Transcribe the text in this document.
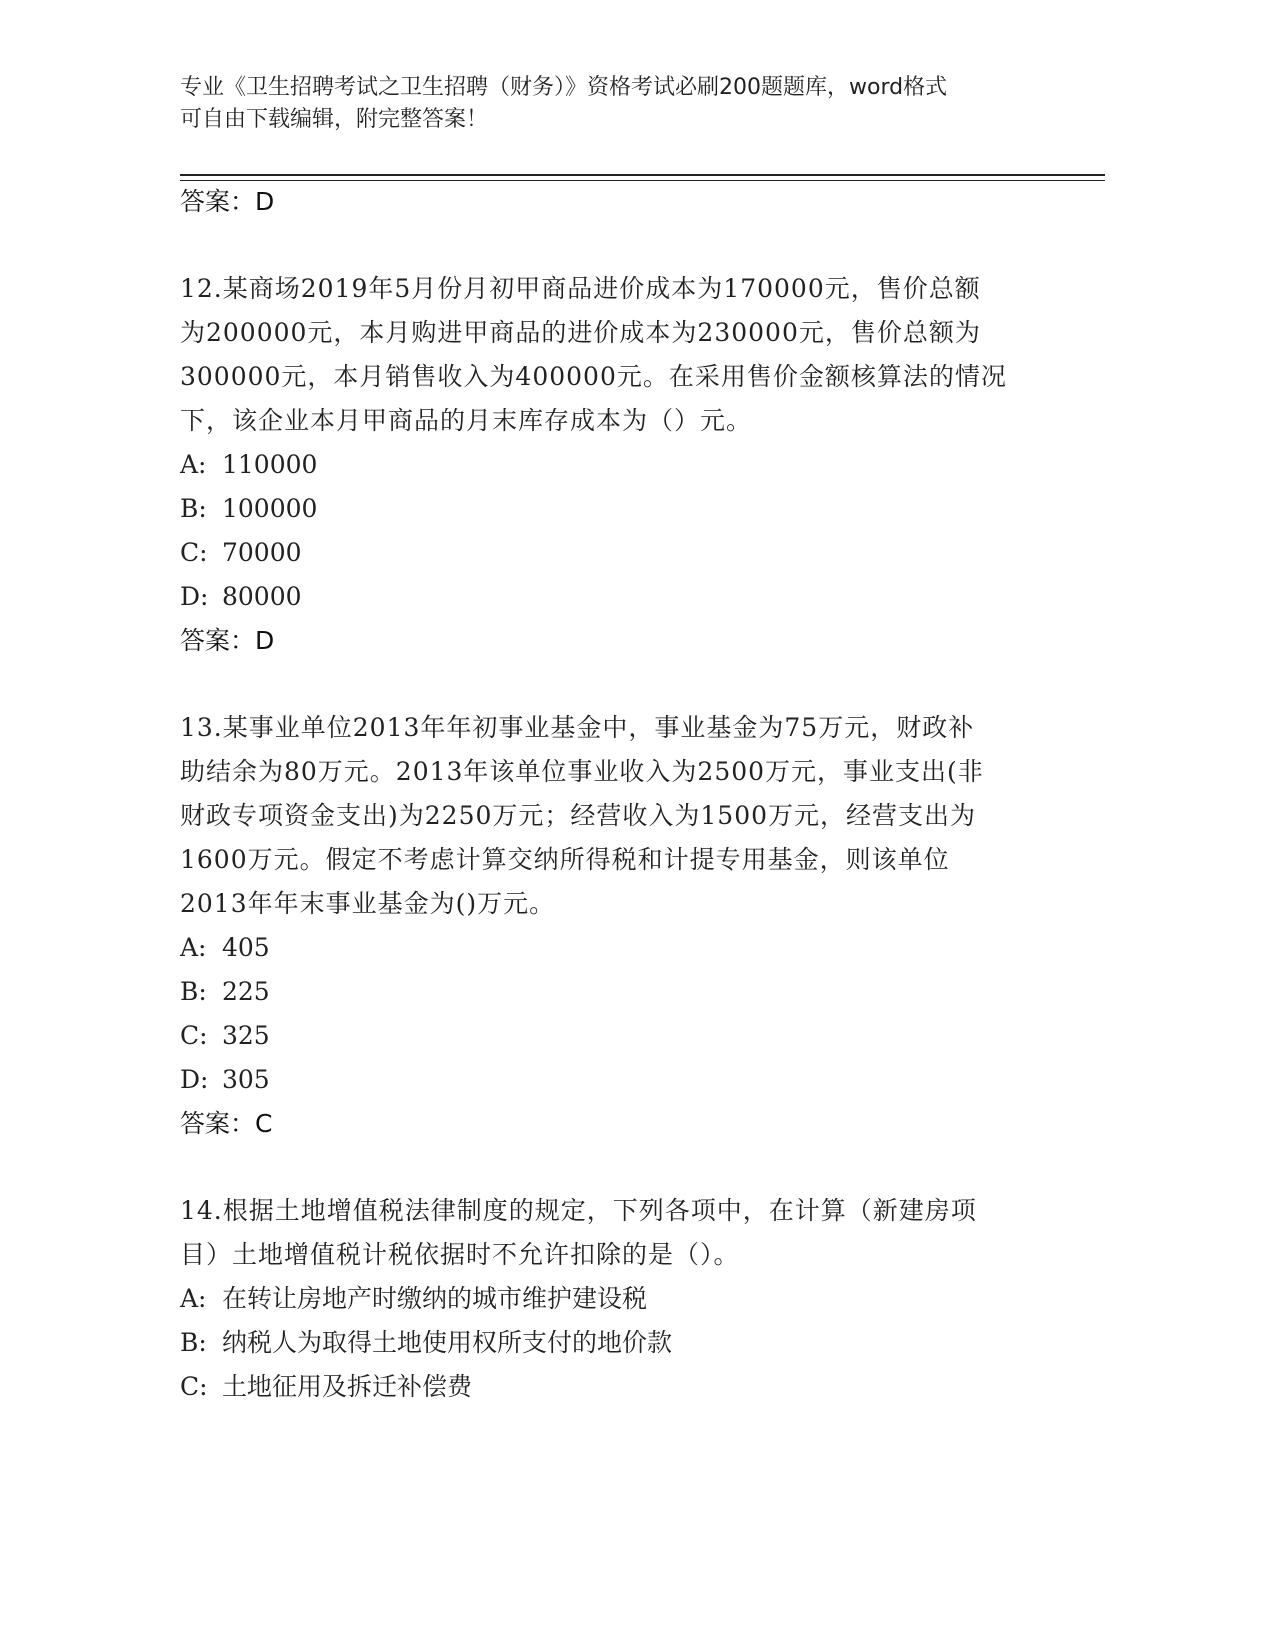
专业《卫生招聘考试之卫生招聘（财务）》资格考试必刷200题题库，word格式
可自由下载编辑，附完整答案！
答案：D
12.某商场2019年5月份月初甲商品进价成本为170000元，售价总额
为200000元，本月购进甲商品的进价成本为230000元，售价总额为
300000元，本月销售收入为400000元。在采用售价金额核算法的情况
下，该企业本月甲商品的月末库存成本为（）元。
A: 110000
B: 100000
C: 70000
D: 80000
答案：D
13.某事业单位2013年年初事业基金中，事业基金为75万元，财政补
助结余为80万元。2013年该单位事业收入为2500万元，事业支出(非
财政专项资金支出)为2250万元；经营收入为1500万元，经营支出为
1600万元。假定不考虑计算交纳所得税和计提专用基金，则该单位
2013年年末事业基金为()万元。
A: 405
B: 225
C: 325
D: 305
答案：C
14.根据土地增值税法律制度的规定，下列各项中，在计算（新建房项
目）土地增值税计税依据时不允许扣除的是（）。
A: 在转让房地产时缴纳的城市维护建设税
B: 纳税人为取得土地使用权所支付的地价款
C: 土地征用及拆迁补偿费
